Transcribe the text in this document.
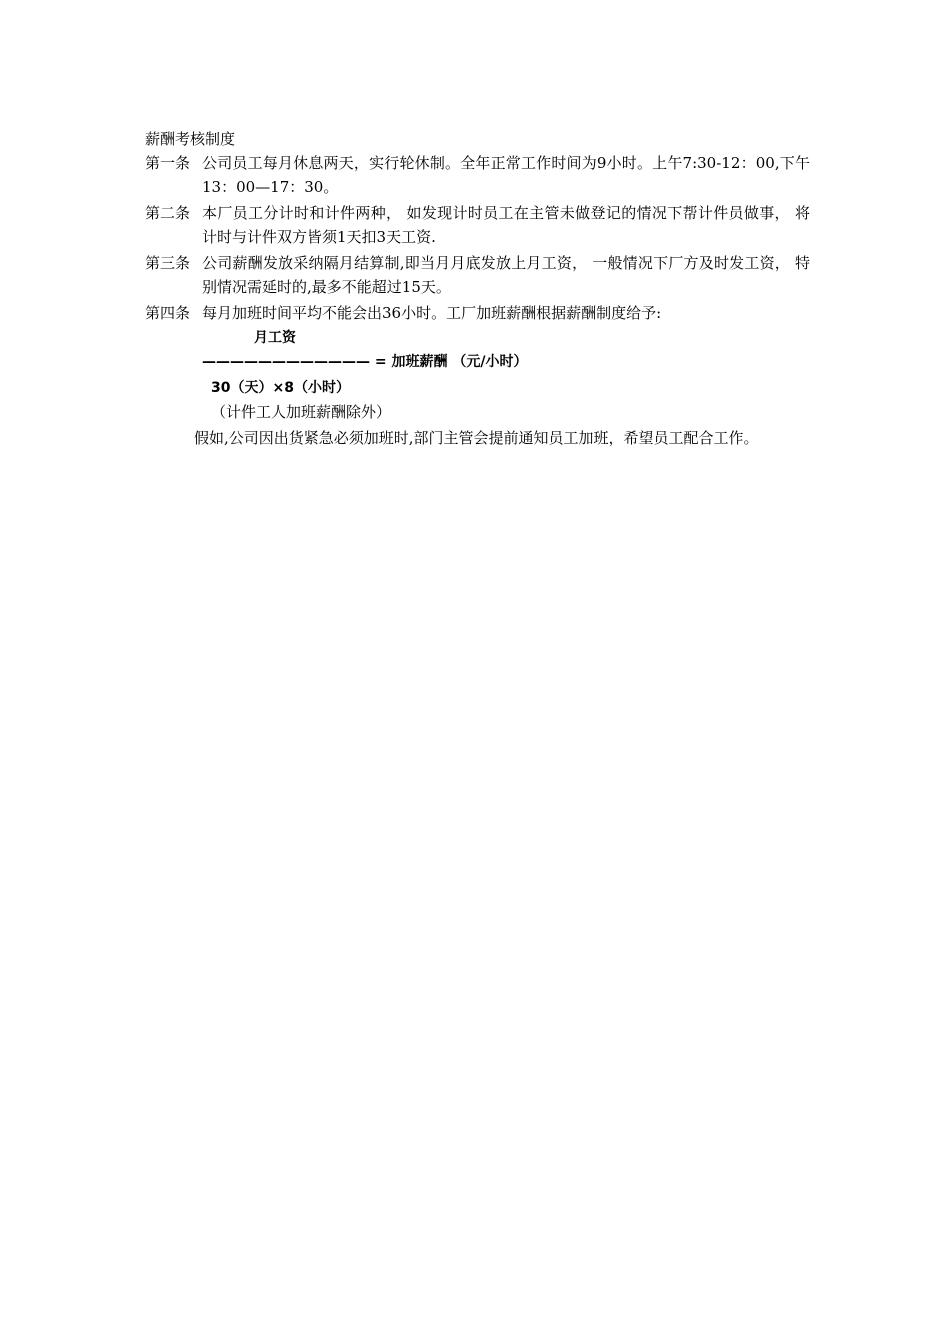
薪酬考核制度
第一条 公司员工每月休息两天，实行轮休制。全年正常工作时间为9小时。上午7:30-12：00,下午13：00—17：30。
第二条 本厂员工分计时和计件两种， 如发现计时员工在主管未做登记的情况下帮计件员做事， 将计时与计件双方皆须1天扣3天工资.
第三条 公司薪酬发放采纳隔月结算制,即当月月底发放上月工资， 一般情况下厂方及时发工资， 特别情况需延时的,最多不能超过15天。
第四条 每月加班时间平均不能会出36小时。工厂加班薪酬根据薪酬制度给予:
月工资
———————————— = 加班薪酬 （元/小时）
30（天）×8（小时）
（计件工人加班薪酬除外）
假如,公司因出货紧急必须加班时,部门主管会提前通知员工加班，希望员工配合工作。
